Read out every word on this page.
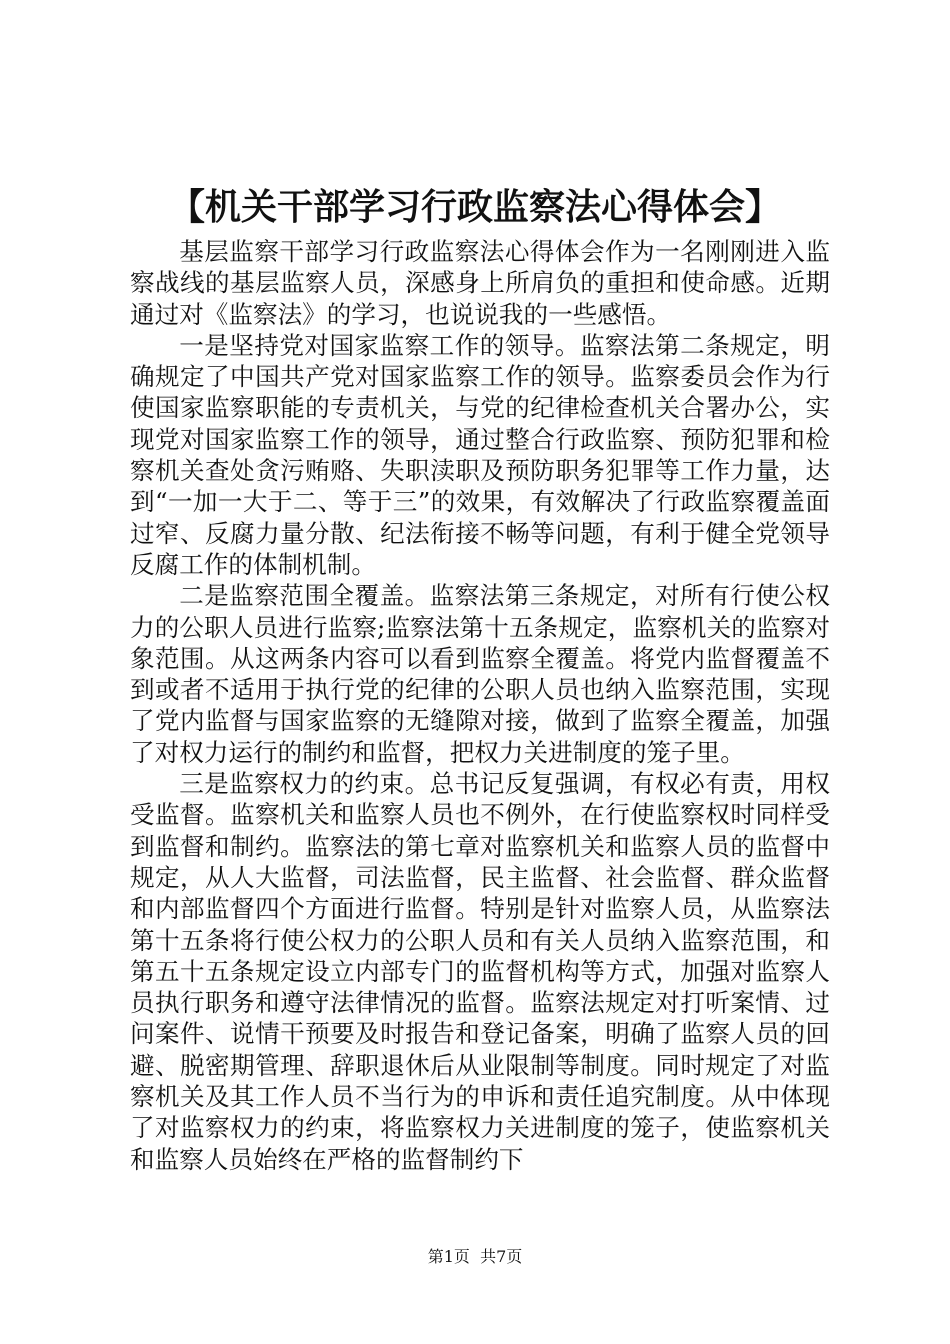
【机关干部学习行政监察法心得体会】

基层监察干部学习行政监察法心得体会作为一名刚刚进入监察战线的基层监察人员，深感身上所肩负的重担和使命感。近期通过对《监察法》的学习，也说说我的一些感悟。

一是坚持党对国家监察工作的领导。监察法第二条规定，明确规定了中国共产党对国家监察工作的领导。监察委员会作为行使国家监察职能的专责机关，与党的纪律检查机关合署办公，实现党对国家监察工作的领导，通过整合行政监察、预防犯罪和检察机关查处贪污贿赂、失职渎职及预防职务犯罪等工作力量，达到“一加一大于二、等于三”的效果，有效解决了行政监察覆盖面过窄、反腐力量分散、纪法衔接不畅等问题，有利于健全党领导反腐工作的体制机制。

二是监察范围全覆盖。监察法第三条规定，对所有行使公权力的公职人员进行监察;监察法第十五条规定，监察机关的监察对象范围。从这两条内容可以看到监察全覆盖。将党内监督覆盖不到或者不适用于执行党的纪律的公职人员也纳入监察范围，实现了党内监督与国家监察的无缝隙对接，做到了监察全覆盖，加强了对权力运行的制约和监督，把权力关进制度的笼子里。

三是监察权力的约束。总书记反复强调，有权必有责，用权受监督。监察机关和监察人员也不例外，在行使监察权时同样受到监督和制约。监察法的第七章对监察机关和监察人员的监督中规定，从人大监督，司法监督，民主监督、社会监督、群众监督和内部监督四个方面进行监督。特别是针对监察人员，从监察法第十五条将行使公权力的公职人员和有关人员纳入监察范围，和第五十五条规定设立内部专门的监督机构等方式，加强对监察人员执行职务和遵守法律情况的监督。监察法规定对打听案情、过问案件、说情干预要及时报告和登记备案，明确了监察人员的回避、脱密期管理、辞职退休后从业限制等制度。同时规定了对监察机关及其工作人员不当行为的申诉和责任追究制度。从中体现了对监察权力的约束，将监察权力关进制度的笼子，使监察机关和监察人员始终在严格的监督制约下

第1页  共7页
